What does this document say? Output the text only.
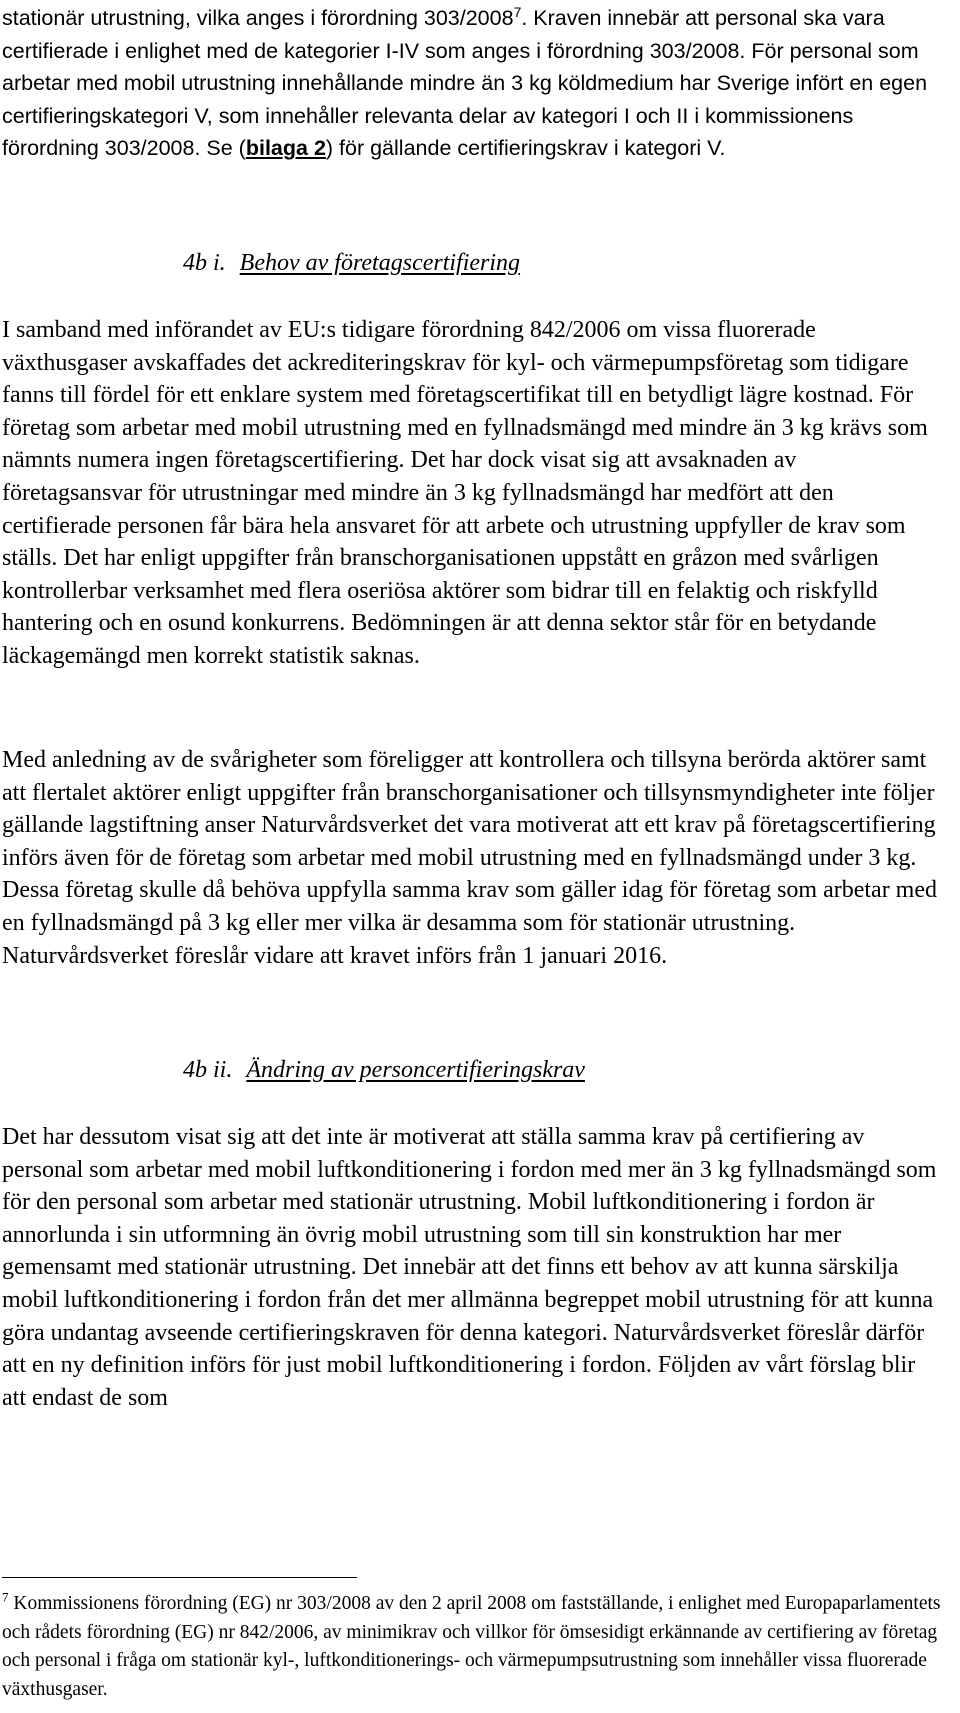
stationär utrustning, vilka anges i förordning 303/2008$^7$. Kraven innebär att personal ska vara certifierade i enlighet med de kategorier I-IV som anges i förordning 303/2008. För personal som arbetar med mobil utrustning innehållande mindre än 3 kg köldmedium har Sverige infört en egen certifieringskategori V, som innehåller relevanta delar av kategori I och II i kommissionens förordning 303/2008. Se (bilaga 2) för gällande certifieringskrav i kategori V.

4b i. Behov av företagscertifiering

I samband med införandet av EU:s tidigare förordning 842/2006 om vissa fluorerade växthusgaser avskaffades det ackrediteringskrav för kyl- och värmepumpsföretag som tidigare fanns till fördel för ett enklare system med företagscertifikat till en betydligt lägre kostnad. För företag som arbetar med mobil utrustning med en fyllnadsmängd med mindre än 3 kg krävs som nämnts numera ingen företagscertifiering. Det har dock visat sig att avsaknaden av företagsansvar för utrustningar med mindre än 3 kg fyllnadsmängd har medfört att den certifierade personen får bära hela ansvaret för att arbete och utrustning uppfyller de krav som ställs. Det har enligt uppgifter från branschorganisationen uppstått en gråzon med svårligen kontrollerbar verksamhet med flera oseriösa aktörer som bidrar till en felaktig och riskfylld hantering och en osund konkurrens. Bedömningen är att denna sektor står för en betydande läckagemängd men korrekt statistik saknas.

Med anledning av de svårigheter som föreligger att kontrollera och tillsyna berörda aktörer samt att flertalet aktörer enligt uppgifter från branschorganisationer och tillsynsmyndigheter inte följer gällande lagstiftning anser Naturvårdsverket det vara motiverat att ett krav på företagscertifiering införs även för de företag som arbetar med mobil utrustning med en fyllnadsmängd under 3 kg. Dessa företag skulle då behöva uppfylla samma krav som gäller idag för företag som arbetar med en fyllnadsmängd på 3 kg eller mer vilka är desamma som för stationär utrustning. Naturvårdsverket föreslår vidare att kravet införs från 1 januari 2016.

4b ii. Ändring av personcertifieringskrav

Det har dessutom visat sig att det inte är motiverat att ställa samma krav på certifiering av personal som arbetar med mobil luftkonditionering i fordon med mer än 3 kg fyllnadsmängd som för den personal som arbetar med stationär utrustning. Mobil luftkonditionering i fordon är annorlunda i sin utformning än övrig mobil utrustning som till sin konstruktion har mer gemensamt med stationär utrustning. Det innebär att det finns ett behov av att kunna särskilja mobil luftkonditionering i fordon från det mer allmänna begreppet mobil utrustning för att kunna göra undantag avseende certifieringskraven för denna kategori. Naturvårdsverket föreslår därför att en ny definition införs för just mobil luftkonditionering i fordon. Följden av vårt förslag blir att endast de som

$^7$ Kommissionens förordning (EG) nr 303/2008 av den 2 april 2008 om fastställande, i enlighet med Europaparlamentets och rådets förordning (EG) nr 842/2006, av minimikrav och villkor för ömsesidigt erkännande av certifiering av företag och personal i fråga om stationär kyl-, luftkonditionerings- och värmepumpsutrustning som innehåller vissa fluorerade växthusgaser.
